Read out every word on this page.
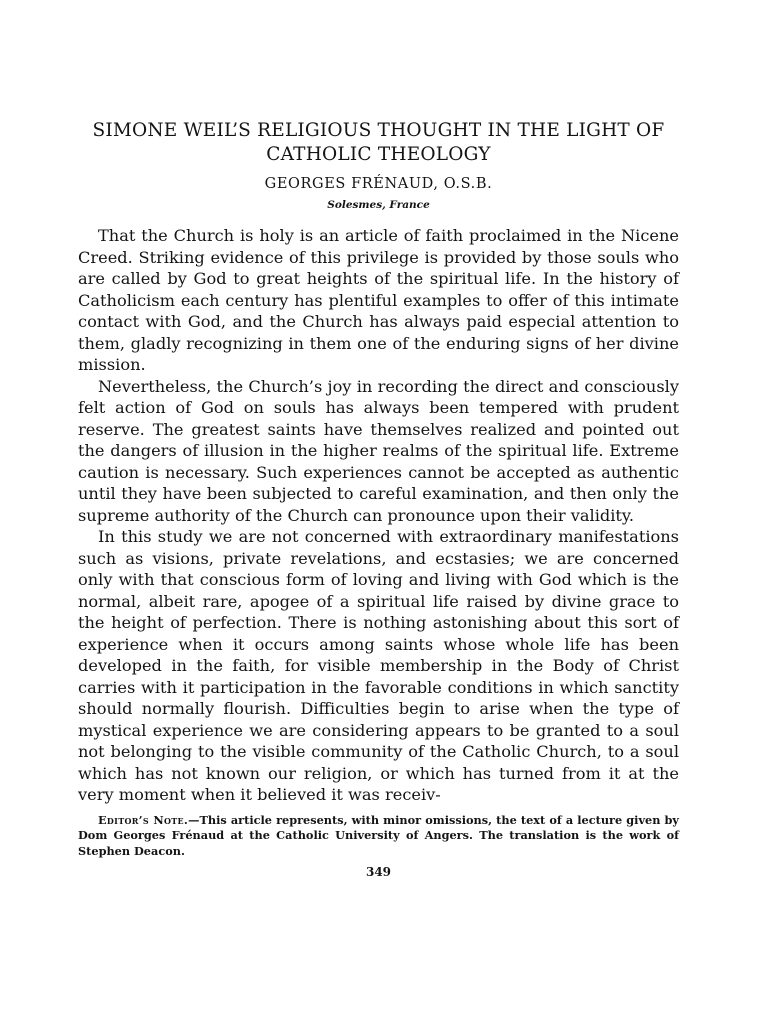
SIMONE WEIL’S RELIGIOUS THOUGHT IN THE LIGHT OF CATHOLIC THEOLOGY
GEORGES FRÉNAUD, O.S.B.
Solesmes, France

That the Church is holy is an article of faith proclaimed in the Nicene Creed. Striking evidence of this privilege is provided by those souls who are called by God to great heights of the spiritual life. In the history of Catholicism each century has plentiful examples to offer of this intimate contact with God, and the Church has always paid especial attention to them, gladly recognizing in them one of the enduring signs of her divine mission.

Nevertheless, the Church’s joy in recording the direct and consciously felt action of God on souls has always been tempered with prudent reserve. The greatest saints have themselves realized and pointed out the dangers of illusion in the higher realms of the spiritual life. Extreme caution is necessary. Such experiences cannot be accepted as authentic until they have been subjected to careful examination, and then only the supreme authority of the Church can pronounce upon their validity.

In this study we are not concerned with extraordinary manifestations such as visions, private revelations, and ecstasies; we are concerned only with that conscious form of loving and living with God which is the normal, albeit rare, apogee of a spiritual life raised by divine grace to the height of perfection. There is nothing astonishing about this sort of experience when it occurs among saints whose whole life has been developed in the faith, for visible membership in the Body of Christ carries with it participation in the favorable conditions in which sanctity should normally flourish. Difficulties begin to arise when the type of mystical experience we are considering appears to be granted to a soul not belonging to the visible community of the Catholic Church, to a soul which has not known our religion, or which has turned from it at the very moment when it believed it was receiv-

Editor’s Note.—This article represents, with minor omissions, the text of a lecture given by Dom Georges Frénaud at the Catholic University of Angers. The translation is the work of Stephen Deacon.
349
